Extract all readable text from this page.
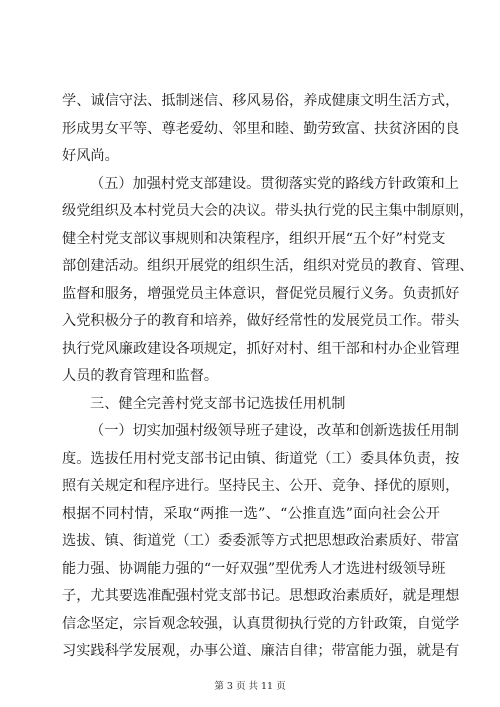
学、诚信守法、抵制迷信、移风易俗，养成健康文明生活方式，
形成男女平等、尊老爱幼、邻里和睦、勤劳致富、扶贫济困的良
好风尚。
（五）加强村党支部建设。贯彻落实党的路线方针政策和上
级党组织及本村党员大会的决议。带头执行党的民主集中制原则，
健全村党支部议事规则和决策程序，组织开展“五个好”村党支
部创建活动。组织开展党的组织生活，组织对党员的教育、管理、
监督和服务，增强党员主体意识，督促党员履行义务。负责抓好
入党积极分子的教育和培养，做好经常性的发展党员工作。带头
执行党风廉政建设各项规定，抓好对村、组干部和村办企业管理
人员的教育管理和监督。
三、健全完善村党支部书记选拔任用机制
（一）切实加强村级领导班子建设，改革和创新选拔任用制
度。选拔任用村党支部书记由镇、街道党（工）委具体负责，按
照有关规定和程序进行。坚持民主、公开、竞争、择优的原则，
根据不同村情，采取“两推一选”、“公推直选”面向社会公开
选拔、镇、街道党（工）委委派等方式把思想政治素质好、带富
能力强、协调能力强的“一好双强”型优秀人才选进村级领导班
子，尤其要选准配强村党支部书记。思想政治素质好，就是理想
信念坚定，宗旨观念较强，认真贯彻执行党的方针政策，自觉学
习实践科学发展观，办事公道、廉洁自律；带富能力强，就是有
第 3 页 共 11 页
